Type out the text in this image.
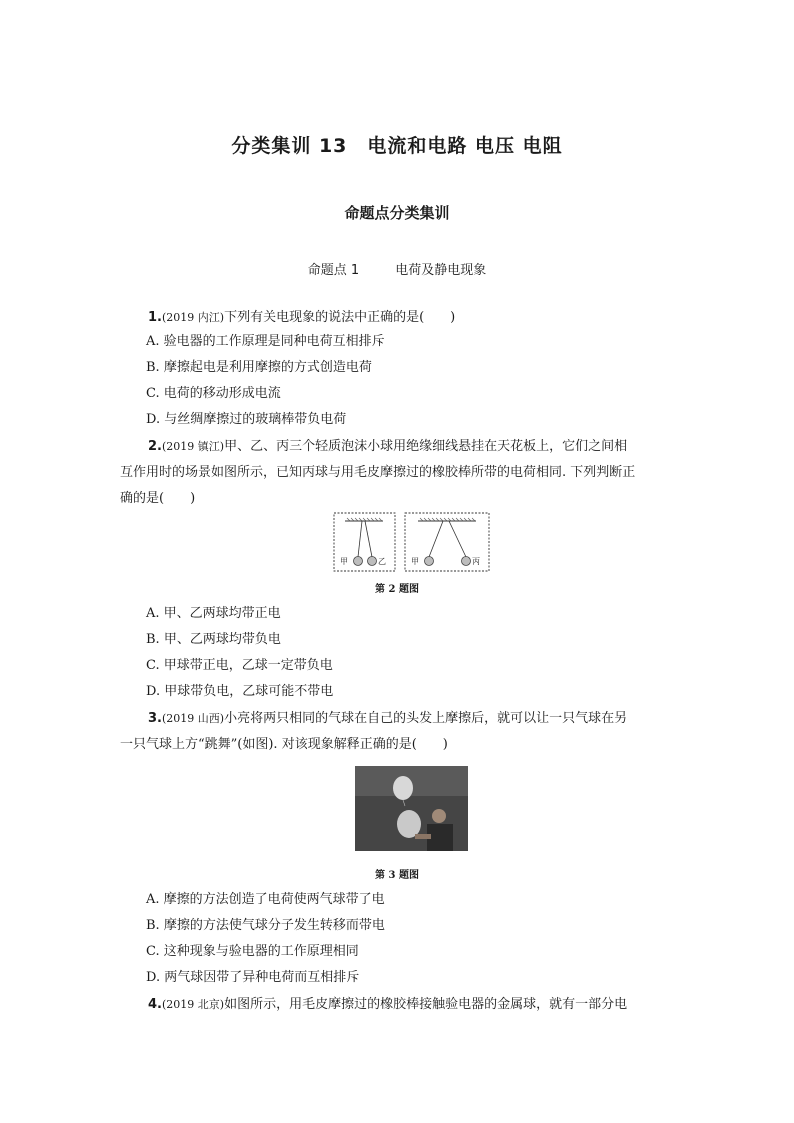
分类集训 13　电流和电路 电压 电阻
命题点分类集训
命题点 1	电荷及静电现象
1.(2019 内江)下列有关电现象的说法中正确的是(　　)
A. 验电器的工作原理是同种电荷互相排斥
B. 摩擦起电是利用摩擦的方式创造电荷
C. 电荷的移动形成电流
D. 与丝绸摩擦过的玻璃棒带负电荷
2.(2019 镇江)甲、乙、丙三个轻质泡沫小球用绝缘细线悬挂在天花板上，它们之间相
互作用时的场景如图所示，已知丙球与用毛皮摩擦过的橡胶棒所带的电荷相同. 下列判断正
确的是(　　)
甲	乙	甲	丙
第 2 题图
A. 甲、乙两球均带正电
B. 甲、乙两球均带负电
C. 甲球带正电，乙球一定带负电
D. 甲球带负电，乙球可能不带电
3.(2019 山西)小亮将两只相同的气球在自己的头发上摩擦后，就可以让一只气球在另
一只气球上方“跳舞”(如图). 对该现象解释正确的是(　　)
第 3 题图
A. 摩擦的方法创造了电荷使两气球带了电
B. 摩擦的方法使气球分子发生转移而带电
C. 这种现象与验电器的工作原理相同
D. 两气球因带了异种电荷而互相排斥
4.(2019 北京)如图所示，用毛皮摩擦过的橡胶棒接触验电器的金属球，就有一部分电
